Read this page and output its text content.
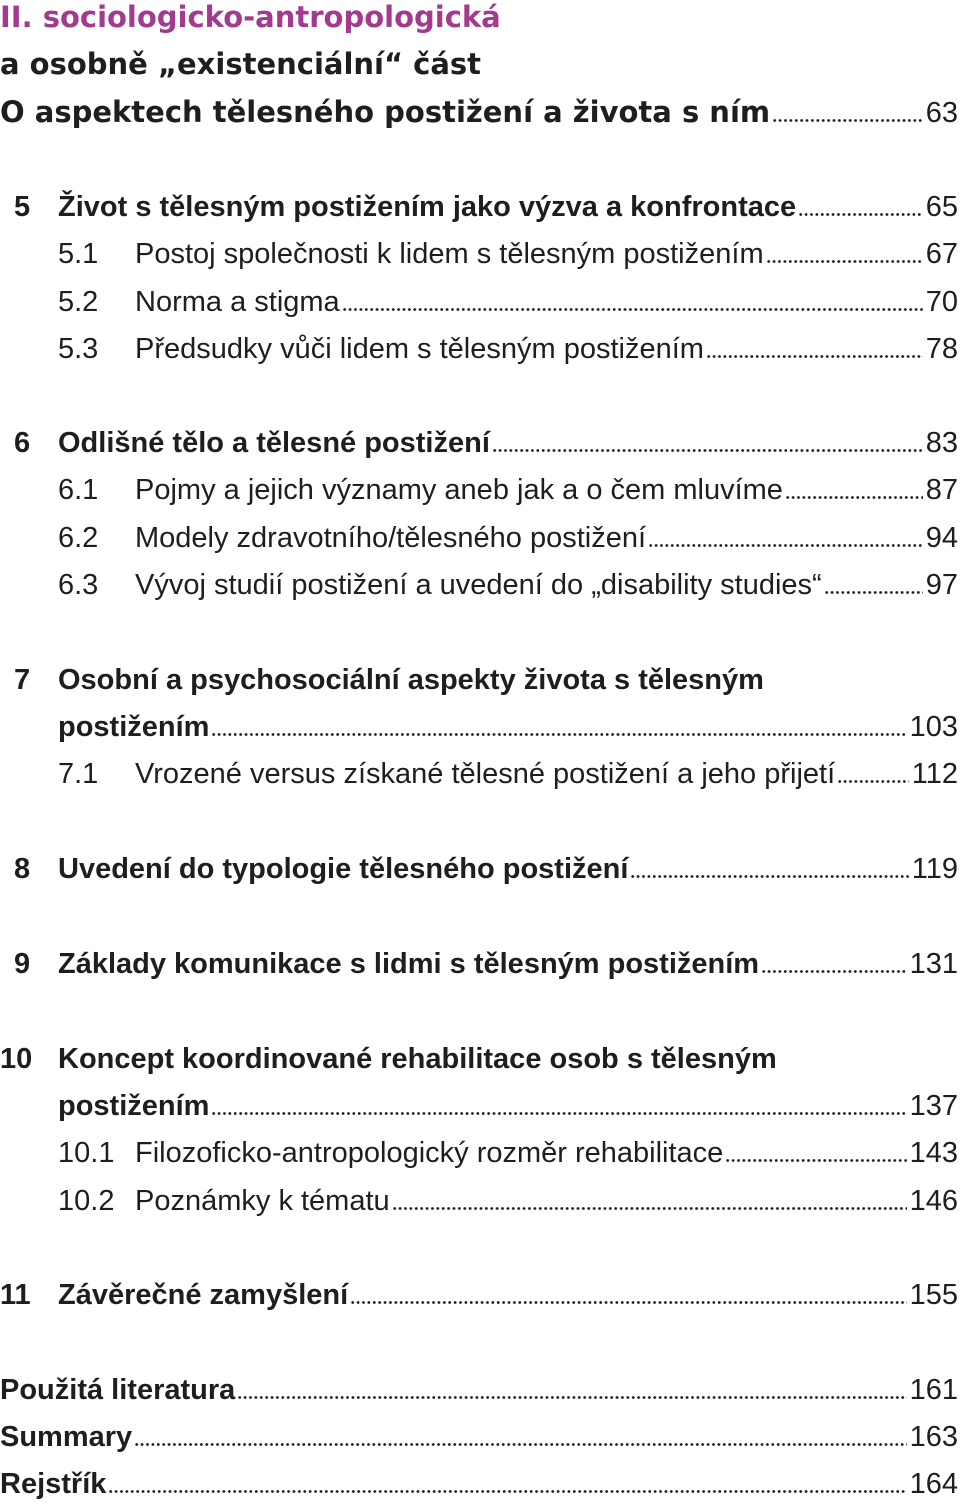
II. sociologicko-antropologická
a osobně „existenciální“ část
O aspektech tělesného postižení a života s ním	63
5 Život s tělesným postižením jako výzva a konfrontace	65
5.1 Postoj společnosti k lidem s tělesným postižením	67
5.2 Norma a stigma	70
5.3 Předsudky vůči lidem s tělesným postižením	78
6 Odlišné tělo a tělesné postižení	83
6.1 Pojmy a jejich významy aneb jak a o čem mluvíme	87
6.2 Modely zdravotního/tělesného postižení	94
6.3 Vývoj studií postižení a uvedení do „disability studies“	97
7 Osobní a psychosociální aspekty života s tělesným
postižením	103
7.1 Vrozené versus získané tělesné postižení a jeho přijetí	112
8 Uvedení do typologie tělesného postižení	119
9 Základy komunikace s lidmi s tělesným postižením	131
10 Koncept koordinované rehabilitace osob s tělesným
postižením	137
10.1 Filozoficko-antropologický rozměr rehabilitace	143
10.2 Poznámky k tématu	146
11 Závěrečné zamyšlení	155
Použitá literatura	161
Summary	163
Rejstřík	164
